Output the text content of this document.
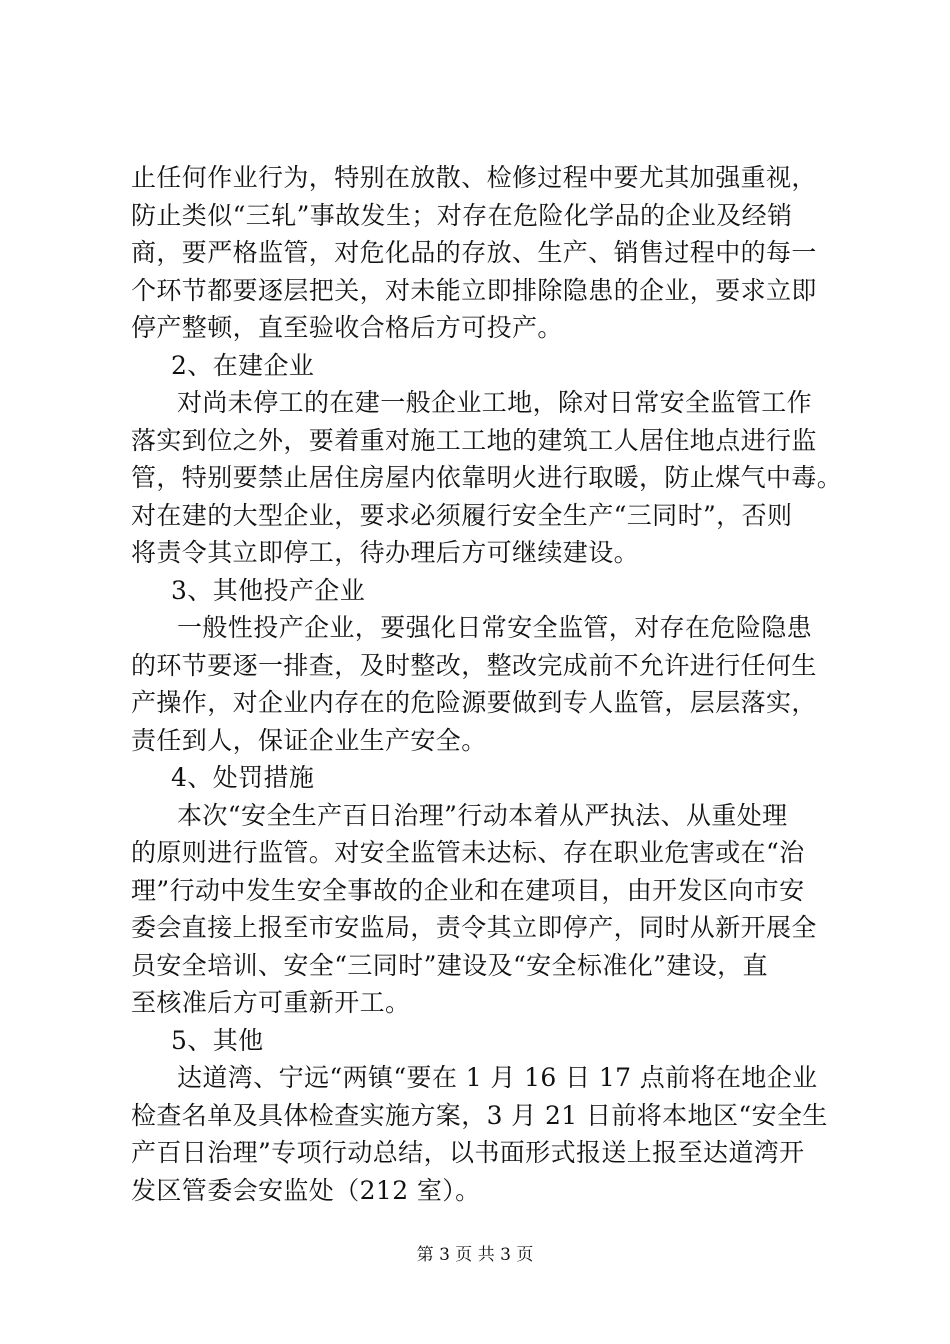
止任何作业行为，特别在放散、检修过程中要尤其加强重视，
防止类似“三轧”事故发生；对存在危险化学品的企业及经销
商，要严格监管，对危化品的存放、生产、销售过程中的每一
个环节都要逐层把关，对未能立即排除隐患的企业，要求立即
停产整顿，直至验收合格后方可投产。
2、在建企业
对尚未停工的在建一般企业工地，除对日常安全监管工作
落实到位之外，要着重对施工工地的建筑工人居住地点进行监
管，特别要禁止居住房屋内依靠明火进行取暖，防止煤气中毒。
对在建的大型企业，要求必须履行安全生产“三同时”，否则
将责令其立即停工，待办理后方可继续建设。
3、其他投产企业
一般性投产企业，要强化日常安全监管，对存在危险隐患
的环节要逐一排查，及时整改，整改完成前不允许进行任何生
产操作，对企业内存在的危险源要做到专人监管，层层落实，
责任到人，保证企业生产安全。
4、处罚措施
本次“安全生产百日治理”行动本着从严执法、从重处理
的原则进行监管。对安全监管未达标、存在职业危害或在“治
理”行动中发生安全事故的企业和在建项目，由开发区向市安
委会直接上报至市安监局，责令其立即停产，同时从新开展全
员安全培训、安全“三同时”建设及“安全标准化”建设，直
至核准后方可重新开工。
5、其他
达道湾、宁远“两镇“要在 1 月 16 日 17 点前将在地企业
检查名单及具体检查实施方案，3 月 21 日前将本地区“安全生
产百日治理”专项行动总结，以书面形式报送上报至达道湾开
发区管委会安监处（212 室）。
第 3 页 共 3 页
